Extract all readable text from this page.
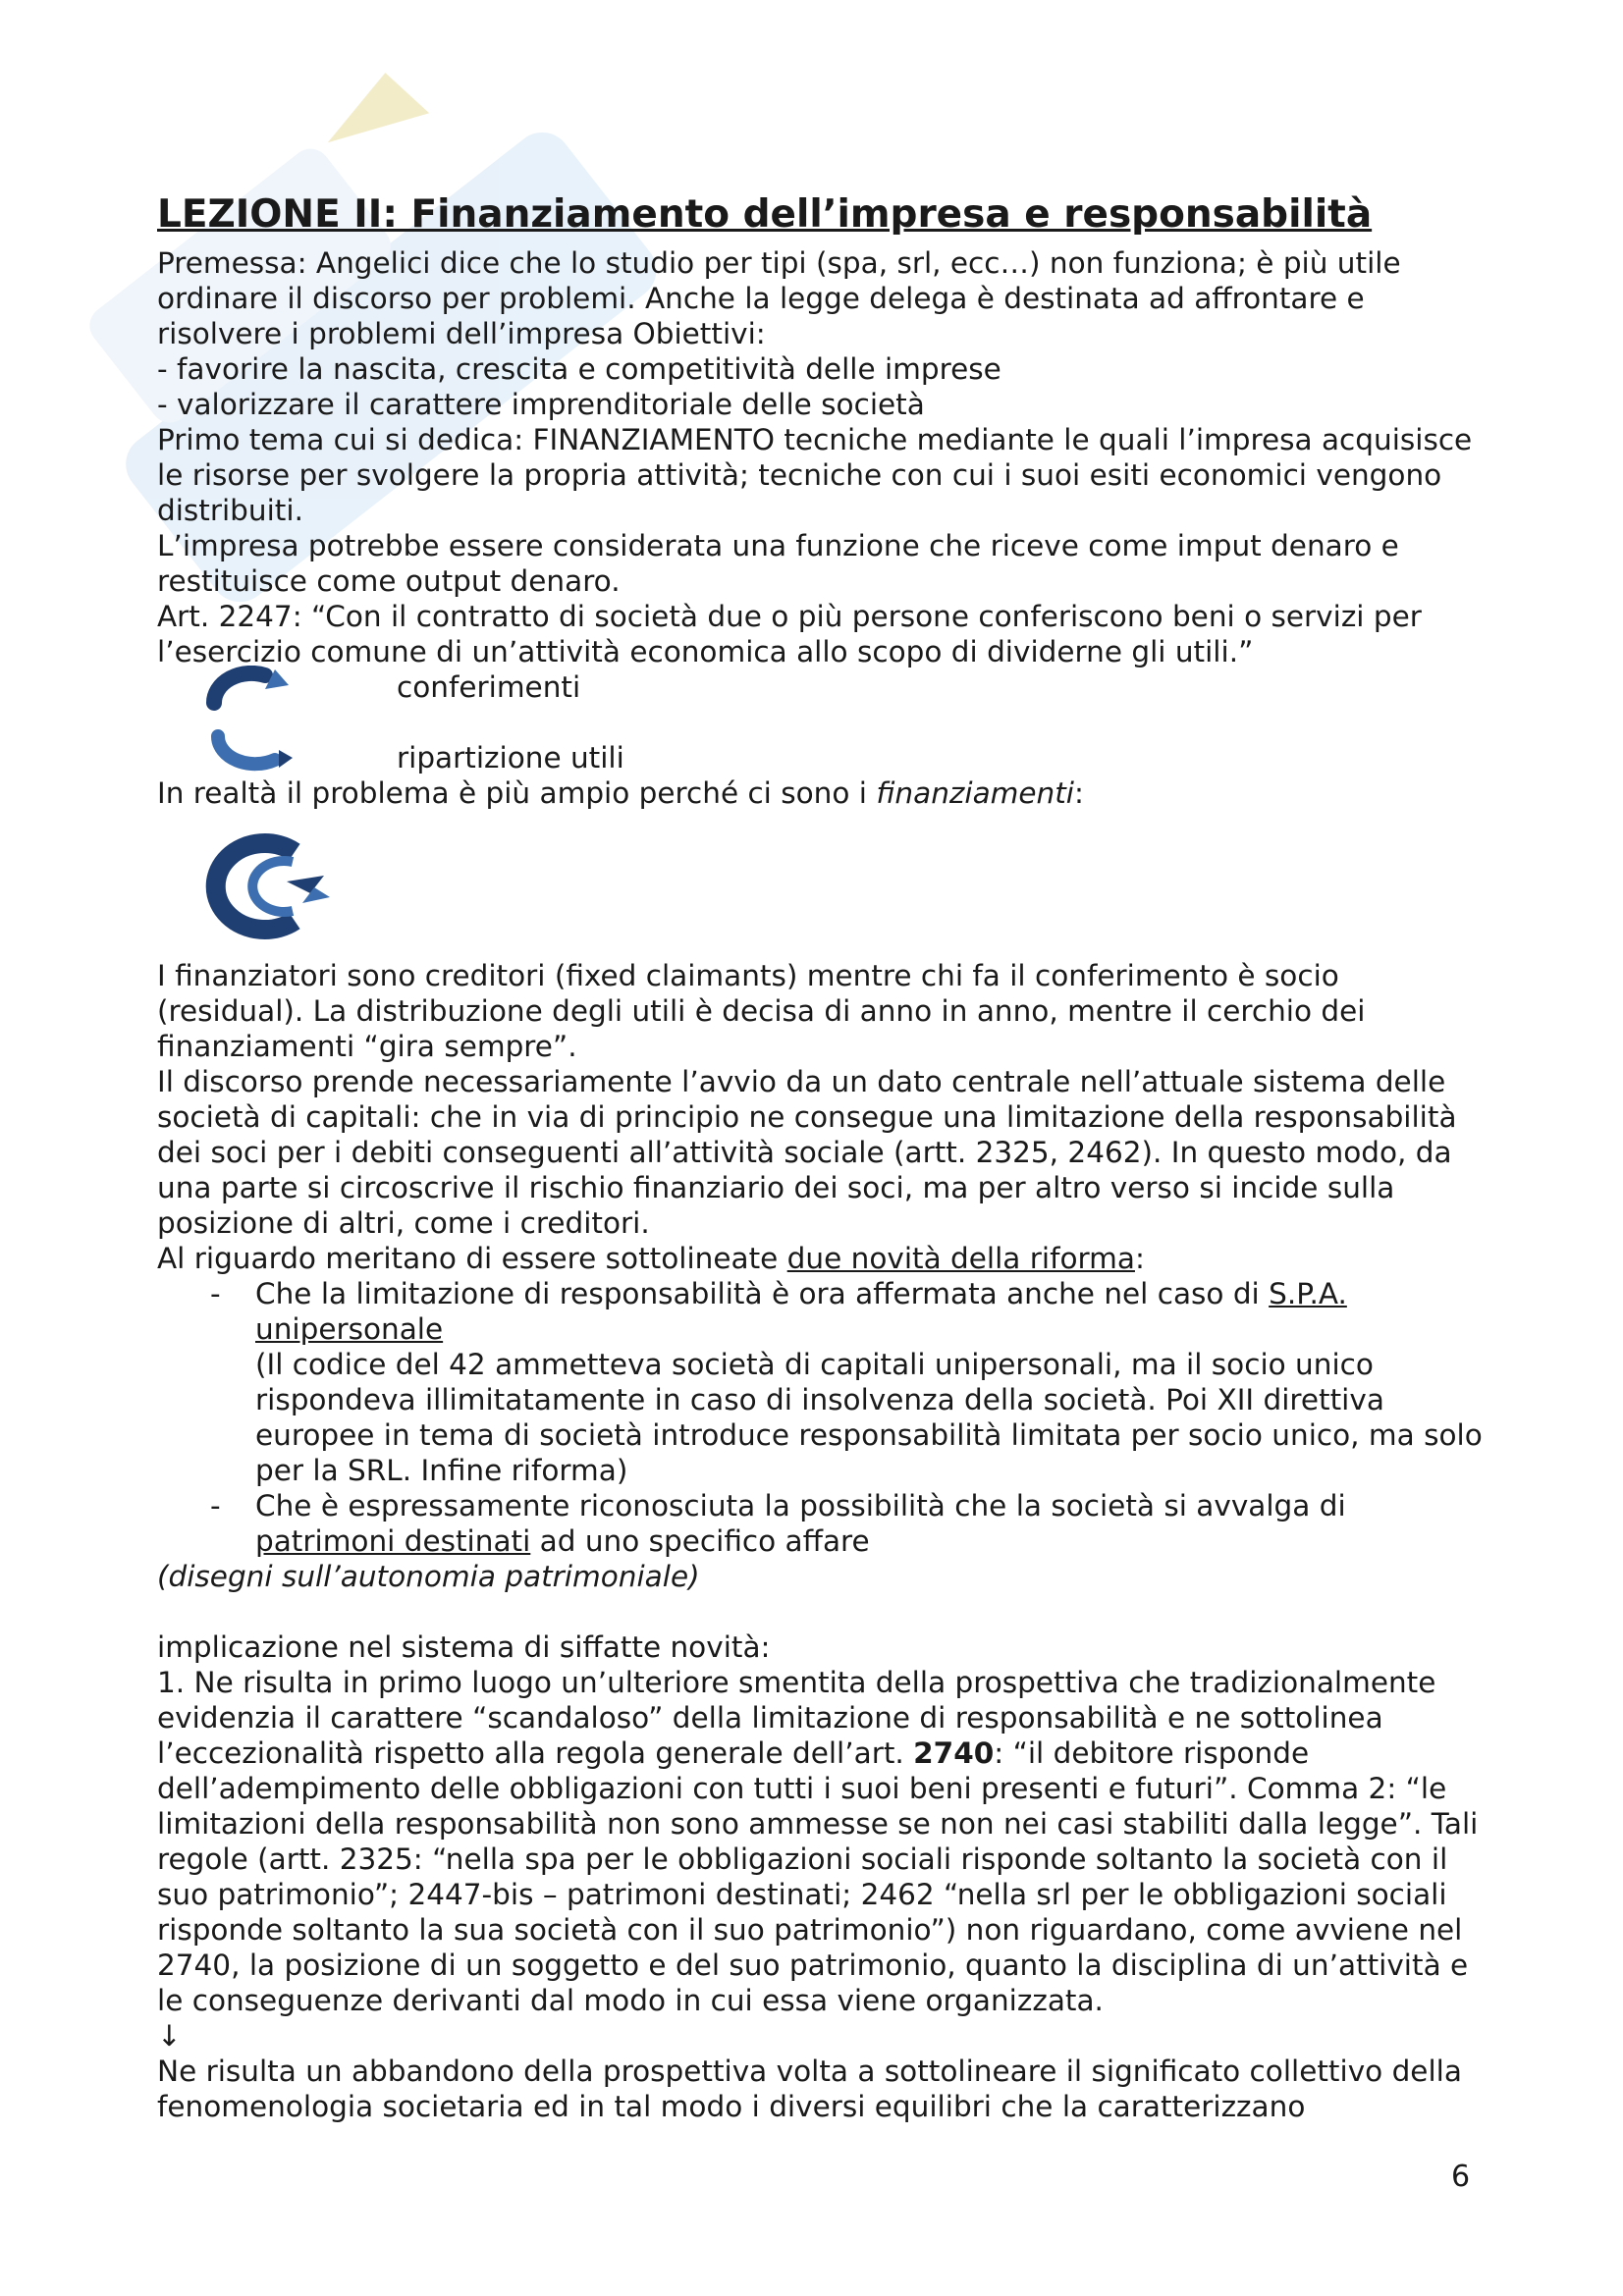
LEZIONE II: Finanziamento dell’impresa e responsabilità

Premessa: Angelici dice che lo studio per tipi (spa, srl, ecc…) non funziona; è più utile ordinare il discorso per problemi. Anche la legge delega è destinata ad affrontare e risolvere i problemi dell’impresa Obiettivi:

- favorire la nascita, crescita e competitività delle imprese

- valorizzare il carattere imprenditoriale delle società

Primo tema cui si dedica: FINANZIAMENTO tecniche mediante le quali l’impresa acquisisce le risorse per svolgere la propria attività; tecniche con cui i suoi esiti economici vengono distribuiti.

L’impresa potrebbe essere considerata una funzione che riceve come imput denaro e restituisce come output denaro.

Art. 2247: “Con il contratto di società due o più persone conferiscono beni o servizi per l’esercizio comune di un’attività economica allo scopo di dividerne gli utili.”

conferimenti
ripartizione utili

In realtà il problema è più ampio perché ci sono i finanziamenti:

I finanziatori sono creditori (fixed claimants) mentre chi fa il conferimento è socio (residual). La distribuzione degli utili è decisa di anno in anno, mentre il cerchio dei finanziamenti “gira sempre”.

Il discorso prende necessariamente l’avvio da un dato centrale nell’attuale sistema delle società di capitali: che in via di principio ne consegue una limitazione della responsabilità dei soci per i debiti conseguenti all’attività sociale (artt. 2325, 2462). In questo modo, da una parte si circoscrive il rischio finanziario dei soci, ma per altro verso si incide sulla posizione di altri, come i creditori.

Al riguardo meritano di essere sottolineate due novità della riforma:

- Che la limitazione di responsabilità è ora affermata anche nel caso di S.P.A. unipersonale
(Il codice del 42 ammetteva società di capitali unipersonali, ma il socio unico rispondeva illimitatamente in caso di insolvenza della società. Poi XII direttiva europee in tema di società introduce responsabilità limitata per socio unico, ma solo per la SRL. Infine riforma)
- Che è espressamente riconosciuta la possibilità che la società si avvalga di patrimoni destinati ad uno specifico affare

(disegni sull’autonomia patrimoniale)

implicazione nel sistema di siffatte novità:

1. Ne risulta in primo luogo un’ulteriore smentita della prospettiva che tradizionalmente evidenzia il carattere “scandaloso” della limitazione di responsabilità e ne sottolinea l’eccezionalità rispetto alla regola generale dell’art. 2740: “il debitore risponde dell’adempimento delle obbligazioni con tutti i suoi beni presenti e futuri”. Comma 2: “le limitazioni della responsabilità non sono ammesse se non nei casi stabiliti dalla legge”. Tali regole (artt. 2325: “nella spa per le obbligazioni sociali risponde soltanto la società con il suo patrimonio”; 2447-bis – patrimoni destinati; 2462 “nella srl per le obbligazioni sociali risponde soltanto la sua società con il suo patrimonio”) non riguardano, come avviene nel 2740, la posizione di un soggetto e del suo patrimonio, quanto la disciplina di un’attività e le conseguenze derivanti dal modo in cui essa viene organizzata.

↓

Ne risulta un abbandono della prospettiva volta a sottolineare il significato collettivo della fenomenologia societaria ed in tal modo i diversi equilibri che la caratterizzano

6
